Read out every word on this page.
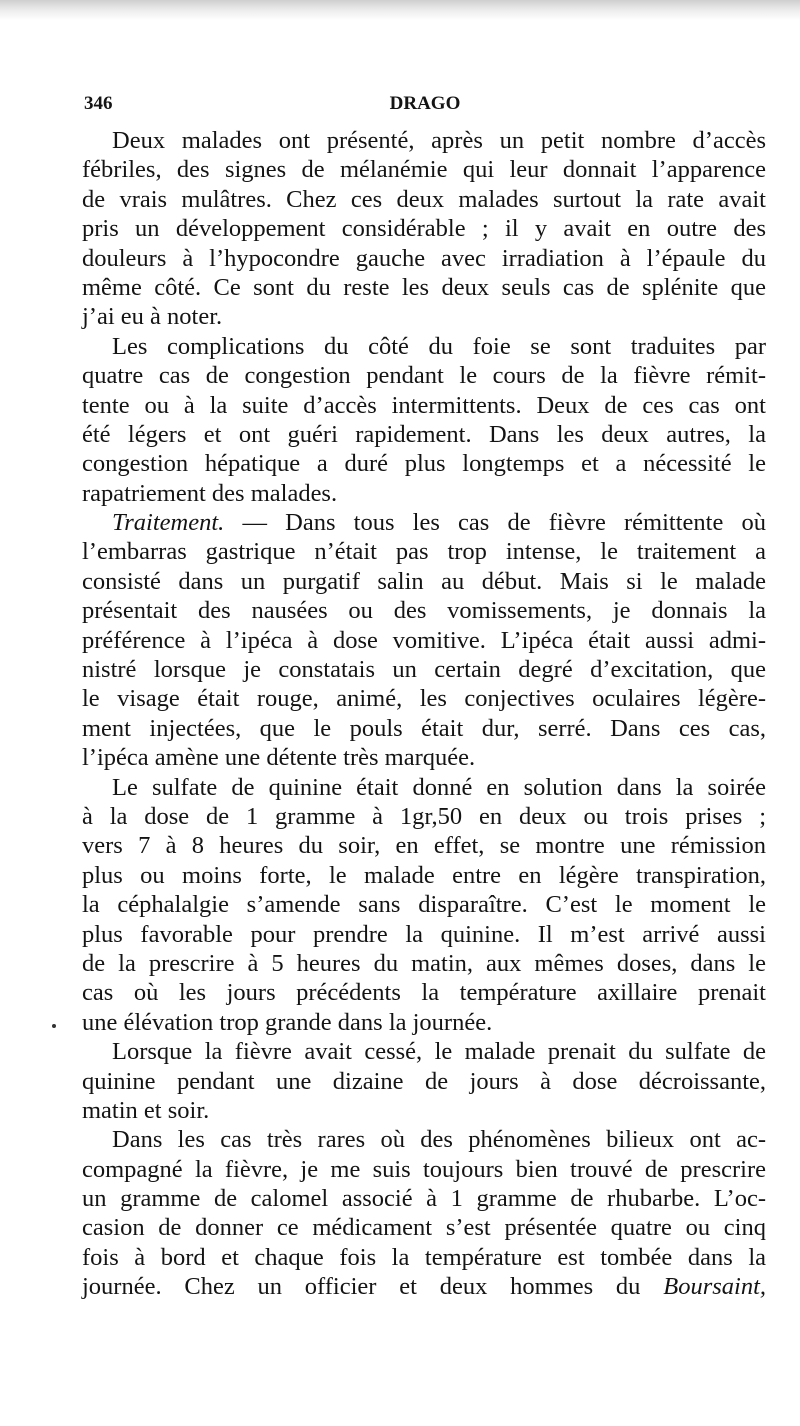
346	DRAGO
Deux malades ont présenté, après un petit nombre d’accès
fébriles, des signes de mélanémie qui leur donnait l’apparence
de vrais mulâtres. Chez ces deux malades surtout la rate avait
pris un développement considérable ; il y avait en outre des
douleurs à l’hypocondre gauche avec irradiation à l’épaule du
même côté. Ce sont du reste les deux seuls cas de splénite que
j’ai eu à noter.
Les complications du côté du foie se sont traduites par
quatre cas de congestion pendant le cours de la fièvre rémit-
tente ou à la suite d’accès intermittents. Deux de ces cas ont
été légers et ont guéri rapidement. Dans les deux autres, la
congestion hépatique a duré plus longtemps et a nécessité le
rapatriement des malades.
Traitement. — Dans tous les cas de fièvre rémittente où
l’embarras gastrique n’était pas trop intense, le traitement a
consisté dans un purgatif salin au début. Mais si le malade
présentait des nausées ou des vomissements, je donnais la
préférence à l’ipéca à dose vomitive. L’ipéca était aussi admi-
nistré lorsque je constatais un certain degré d’excitation, que
le visage était rouge, animé, les conjectives oculaires légère-
ment injectées, que le pouls était dur, serré. Dans ces cas,
l’ipéca amène une détente très marquée.
Le sulfate de quinine était donné en solution dans la soirée
à la dose de 1 gramme à 1gr,50 en deux ou trois prises ;
vers 7 à 8 heures du soir, en effet, se montre une rémission
plus ou moins forte, le malade entre en légère transpiration,
la céphalalgie s’amende sans disparaître. C’est le moment le
plus favorable pour prendre la quinine. Il m’est arrivé aussi
de la prescrire à 5 heures du matin, aux mêmes doses, dans le
cas où les jours précédents la température axillaire prenait
une élévation trop grande dans la journée.
Lorsque la fièvre avait cessé, le malade prenait du sulfate de
quinine pendant une dizaine de jours à dose décroissante,
matin et soir.
Dans les cas très rares où des phénomènes bilieux ont ac-
compagné la fièvre, je me suis toujours bien trouvé de prescrire
un gramme de calomel associé à 1 gramme de rhubarbe. L’oc-
casion de donner ce médicament s’est présentée quatre ou cinq
fois à bord et chaque fois la température est tombée dans la
journée. Chez un officier et deux hommes du Boursaint,
